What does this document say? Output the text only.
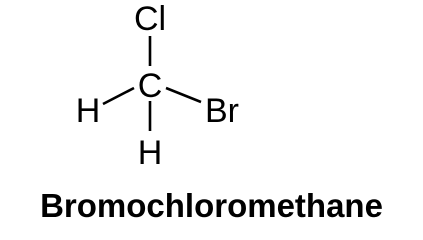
Cl
C
H	Br
H
Bromochloromethane
